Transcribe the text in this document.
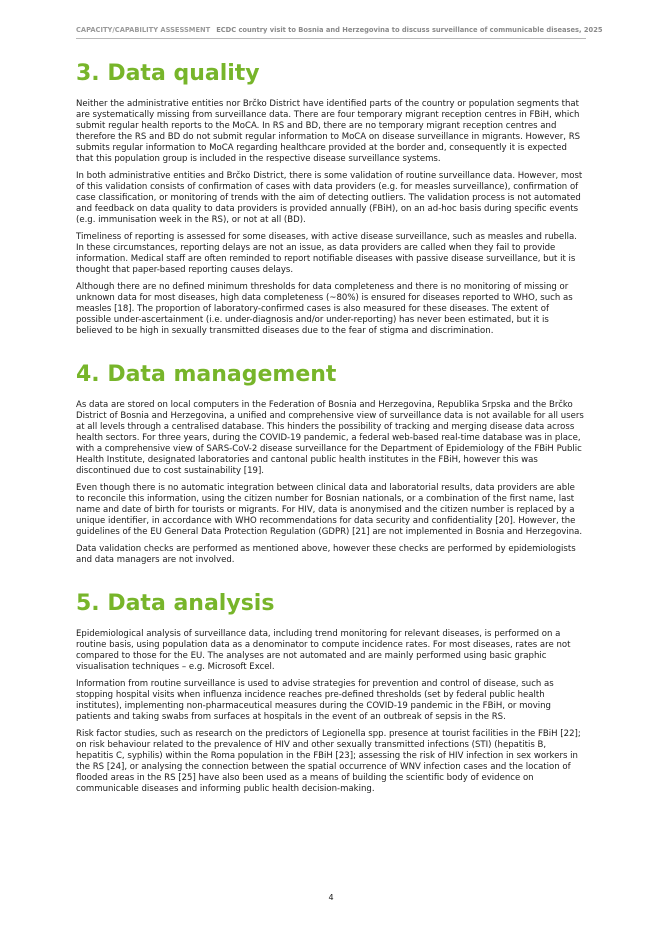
CAPACITY/CAPABILITY ASSESSMENT ECDC country visit to Bosnia and Herzegovina to discuss surveillance of communicable diseases, 2025
3. Data quality

Neither the administrative entities nor Brčko District have identified parts of the country or population segments that are systematically missing from surveillance data. There are four temporary migrant reception centres in FBiH, which submit regular health reports to the MoCA. In RS and BD, there are no temporary migrant reception centres and therefore the RS and BD do not submit regular information to MoCA on disease surveillance in migrants. However, RS submits regular information to MoCA regarding healthcare provided at the border and, consequently it is expected that this population group is included in the respective disease surveillance systems.

In both administrative entities and Brčko District, there is some validation of routine surveillance data. However, most of this validation consists of confirmation of cases with data providers (e.g. for measles surveillance), confirmation of case classification, or monitoring of trends with the aim of detecting outliers. The validation process is not automated and feedback on data quality to data providers is provided annually (FBiH), on an ad-hoc basis during specific events (e.g. immunisation week in the RS), or not at all (BD).

Timeliness of reporting is assessed for some diseases, with active disease surveillance, such as measles and rubella. In these circumstances, reporting delays are not an issue, as data providers are called when they fail to provide information. Medical staff are often reminded to report notifiable diseases with passive disease surveillance, but it is thought that paper-based reporting causes delays.

Although there are no defined minimum thresholds for data completeness and there is no monitoring of missing or unknown data for most diseases, high data completeness (~80%) is ensured for diseases reported to WHO, such as measles [18]. The proportion of laboratory-confirmed cases is also measured for these diseases. The extent of possible under-ascertainment (i.e. under-diagnosis and/or under-reporting) has never been estimated, but it is believed to be high in sexually transmitted diseases due to the fear of stigma and discrimination.

4. Data management

As data are stored on local computers in the Federation of Bosnia and Herzegovina, Republika Srpska and the Brčko District of Bosnia and Herzegovina, a unified and comprehensive view of surveillance data is not available for all users at all levels through a centralised database. This hinders the possibility of tracking and merging disease data across health sectors. For three years, during the COVID-19 pandemic, a federal web-based real-time database was in place, with a comprehensive view of SARS-CoV-2 disease surveillance for the Department of Epidemiology of the FBiH Public Health Institute, designated laboratories and cantonal public health institutes in the FBiH, however this was discontinued due to cost sustainability [19].

Even though there is no automatic integration between clinical data and laboratorial results, data providers are able to reconcile this information, using the citizen number for Bosnian nationals, or a combination of the first name, last name and date of birth for tourists or migrants. For HIV, data is anonymised and the citizen number is replaced by a unique identifier, in accordance with WHO recommendations for data security and confidentiality [20]. However, the guidelines of the EU General Data Protection Regulation (GDPR) [21] are not implemented in Bosnia and Herzegovina.

Data validation checks are performed as mentioned above, however these checks are performed by epidemiologists and data managers are not involved.

5. Data analysis

Epidemiological analysis of surveillance data, including trend monitoring for relevant diseases, is performed on a routine basis, using population data as a denominator to compute incidence rates. For most diseases, rates are not compared to those for the EU. The analyses are not automated and are mainly performed using basic graphic visualisation techniques – e.g. Microsoft Excel.

Information from routine surveillance is used to advise strategies for prevention and control of disease, such as stopping hospital visits when influenza incidence reaches pre-defined thresholds (set by federal public health institutes), implementing non-pharmaceutical measures during the COVID-19 pandemic in the FBiH, or moving patients and taking swabs from surfaces at hospitals in the event of an outbreak of sepsis in the RS.

Risk factor studies, such as research on the predictors of Legionella spp. presence at tourist facilities in the FBiH [22]; on risk behaviour related to the prevalence of HIV and other sexually transmitted infections (STI) (hepatitis B, hepatitis C, syphilis) within the Roma population in the FBiH [23]; assessing the risk of HIV infection in sex workers in the RS [24], or analysing the connection between the spatial occurrence of WNV infection cases and the location of flooded areas in the RS [25] have also been used as a means of building the scientific body of evidence on communicable diseases and informing public health decision-making.

4
